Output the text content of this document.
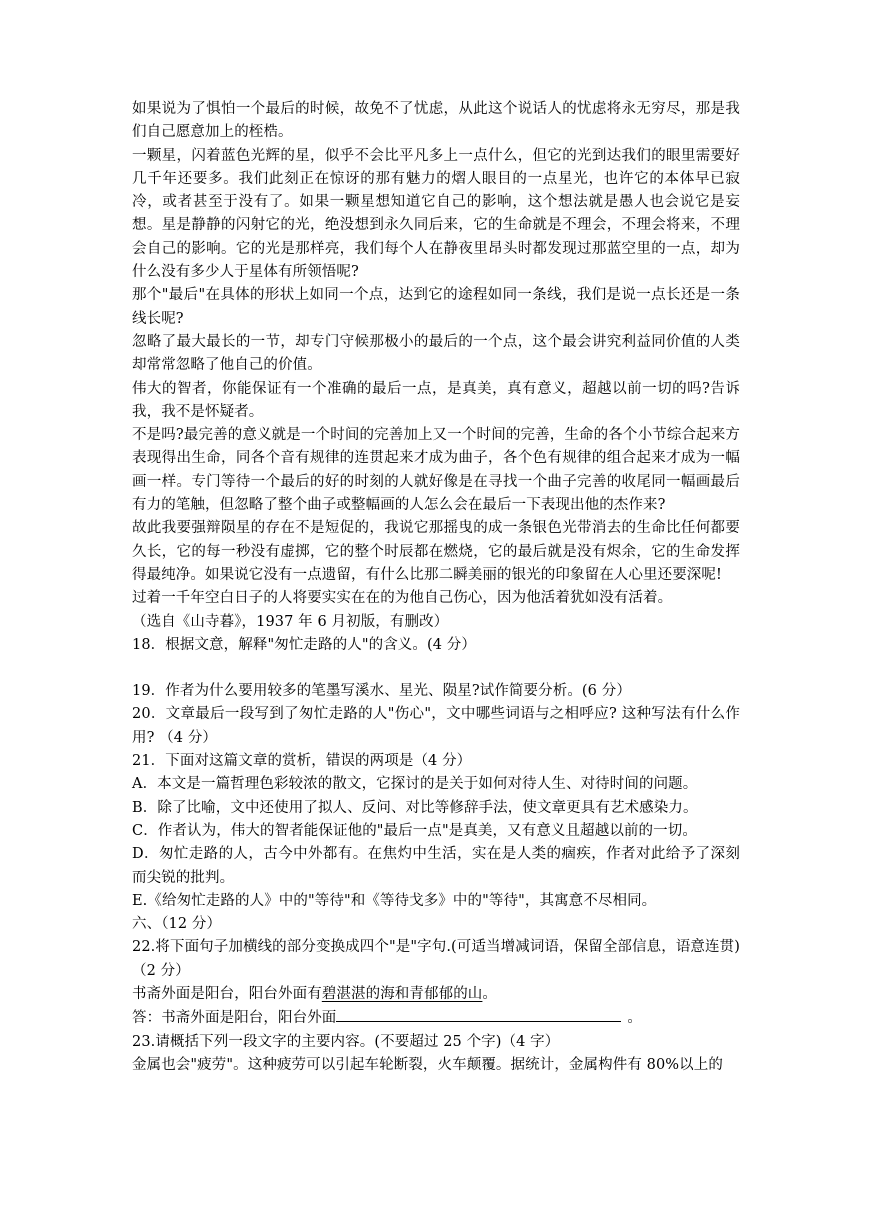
如果说为了惧怕一个最后的时候，故免不了忧虑，从此这个说话人的忧虑将永无穷尽，那是我们自己愿意加上的桎梏。

一颗星，闪着蓝色光辉的星，似乎不会比平凡多上一点什么，但它的光到达我们的眼里需要好几千年还要多。我们此刻正在惊讶的那有魅力的熠人眼目的一点星光，也许它的本体早已寂冷，或者甚至于没有了。如果一颗星想知道它自己的影响，这个想法就是愚人也会说它是妄想。星是静静的闪射它的光，绝没想到永久同后来，它的生命就是不理会，不理会将来，不理会自己的影响。它的光是那样亮，我们每个人在静夜里昂头时都发现过那蓝空里的一点，却为什么没有多少人于星体有所领悟呢?

那个"最后"在具体的形状上如同一个点，达到它的途程如同一条线，我们是说一点长还是一条线长呢?

忽略了最大最长的一节，却专门守候那极小的最后的一个点，这个最会讲究利益同价值的人类却常常忽略了他自己的价值。

伟大的智者，你能保证有一个准确的最后一点，是真美，真有意义，超越以前一切的吗?告诉我，我不是怀疑者。

不是吗?最完善的意义就是一个时间的完善加上又一个时间的完善，生命的各个小节综合起来方表现得出生命，同各个音有规律的连贯起来才成为曲子，各个色有规律的组合起来才成为一幅画一样。专门等待一个最后的好的时刻的人就好像是在寻找一个曲子完善的收尾同一幅画最后有力的笔触，但忽略了整个曲子或整幅画的人怎么会在最后一下表现出他的杰作来?

故此我要强辩陨星的存在不是短促的，我说它那摇曳的成一条银色光带消去的生命比任何都要久长，它的每一秒没有虚掷，它的整个时辰都在燃烧，它的最后就是没有烬余，它的生命发挥得最纯净。如果说它没有一点遗留，有什么比那二瞬美丽的银光的印象留在人心里还要深呢!

过着一千年空白日子的人将要实实在在的为他自己伤心，因为他活着犹如没有活着。

（选自《山寺暮》，1937 年 6 月初版，有删改）

18．根据文意，解释"匆忙走路的人"的含义。(4 分）

19．作者为什么要用较多的笔墨写溪水、星光、陨星?试作简要分析。(6 分）

20．文章最后一段写到了匆忙走路的人"伤心"，文中哪些词语与之相呼应? 这种写法有什么作用? （4 分）

21．下面对这篇文章的赏析，错误的两项是（4 分）

A．本文是一篇哲理色彩较浓的散文，它探讨的是关于如何对待人生、对待时间的问题。

B．除了比喻，文中还使用了拟人、反问、对比等修辞手法，使文章更具有艺术感染力。

C．作者认为，伟大的智者能保证他的"最后一点"是真美，又有意义且超越以前的一切。

D．匆忙走路的人，古今中外都有。在焦灼中生活，实在是人类的痼疾，作者对此给予了深刻而尖锐的批判。

E.《给匆忙走路的人》中的"等待"和《等待戈多》中的"等待"，其寓意不尽相同。

六、（12 分）

22.将下面句子加横线的部分变换成四个"是"字句.(可适当增减词语，保留全部信息，语意连贯)（2 分）

书斋外面是阳台，阳台外面有碧湛湛的海和青郁郁的山。

答：书斋外面是阳台，阳台外面	。

23.请概括下列一段文字的主要内容。(不要超过 25 个字)（4 字）

金属也会"疲劳"。这种疲劳可以引起车轮断裂，火车颠覆。据统计，金属构件有 80%以上的
